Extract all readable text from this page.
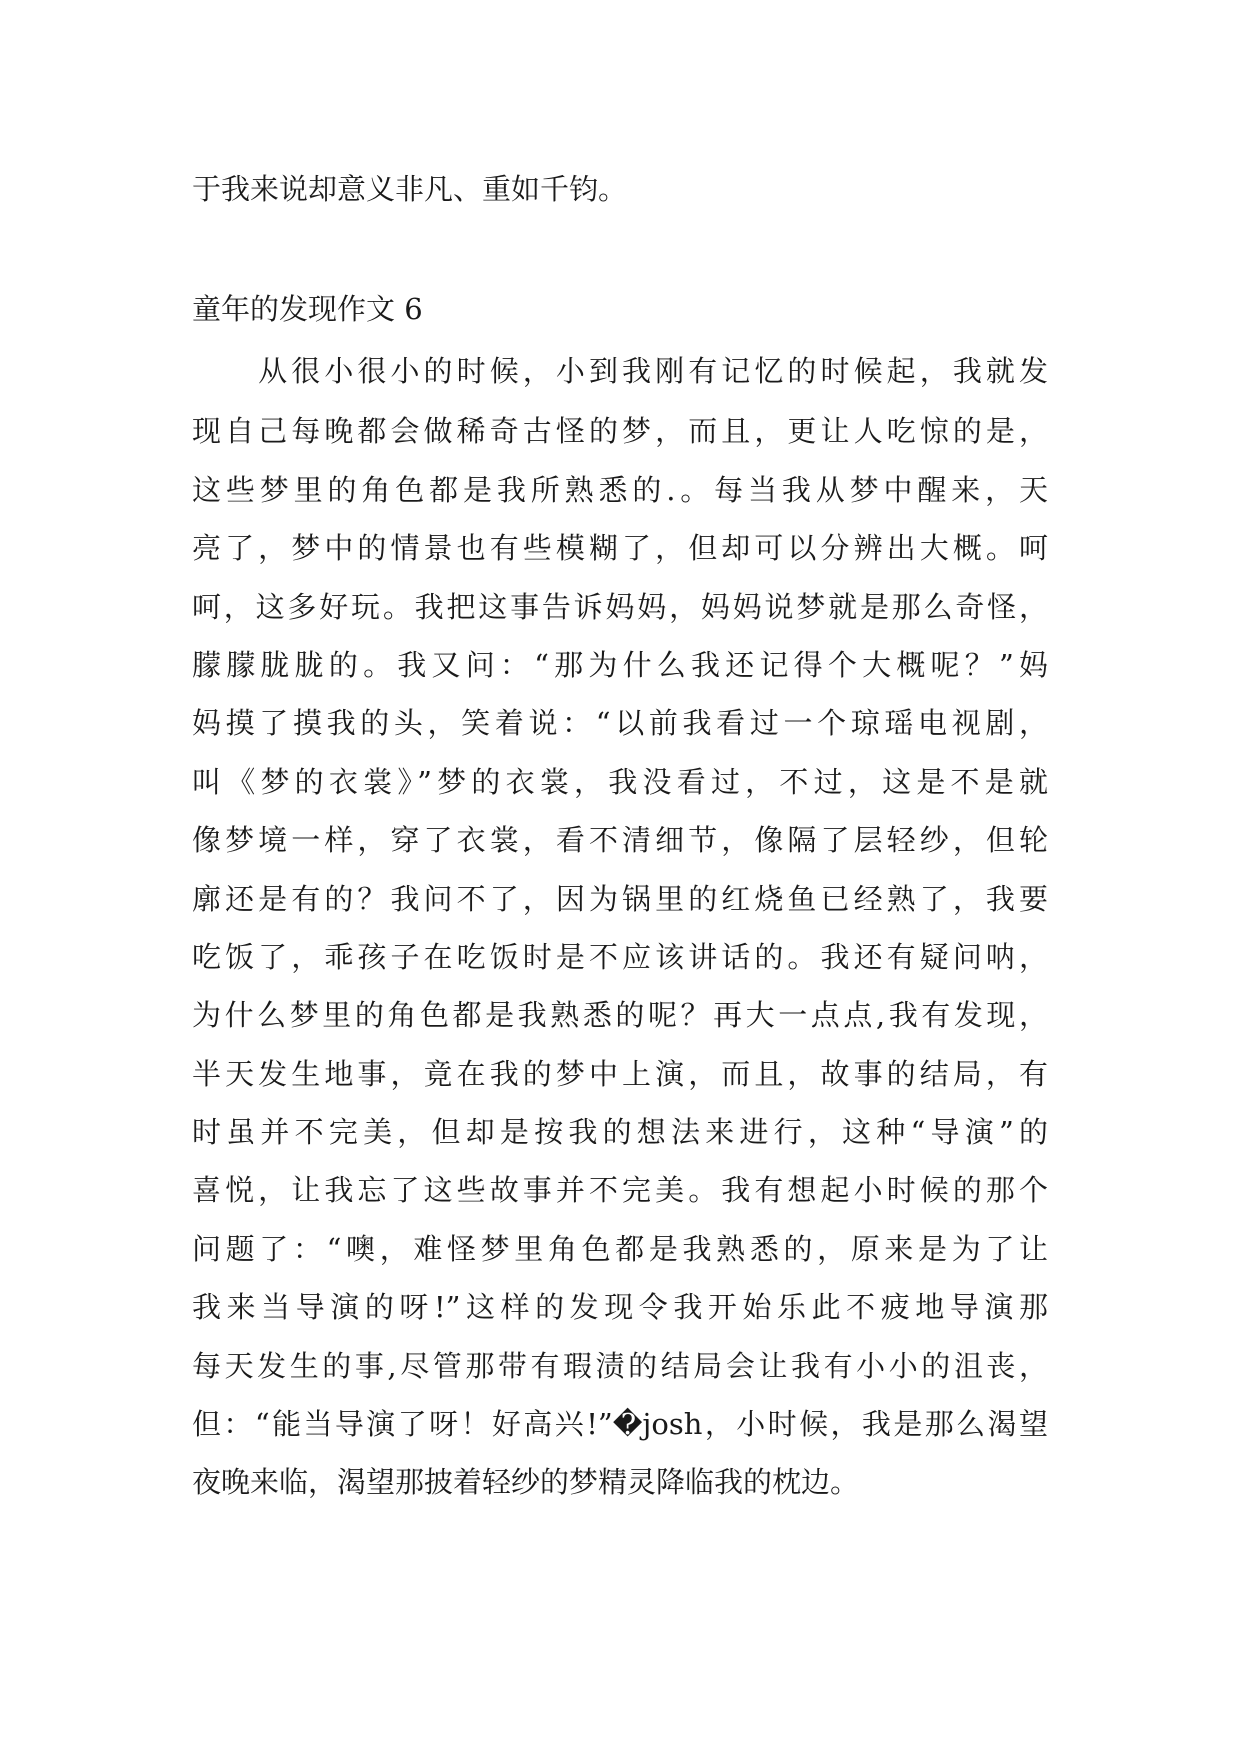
于我来说却意义非凡、重如千钧。
童年的发现作文 6
　　从很小很小的时候，小到我刚有记忆的时候起，我就发
现自己每晚都会做稀奇古怪的梦，而且，更让人吃惊的是，
这些梦里的角色都是我所熟悉的.。每当我从梦中醒来，天
亮了，梦中的情景也有些模糊了，但却可以分辨出大概。呵
呵，这多好玩。我把这事告诉妈妈，妈妈说梦就是那么奇怪，
朦朦胧胧的。我又问：“那为什么我还记得个大概呢？”妈
妈摸了摸我的头，笑着说：“以前我看过一个琼瑶电视剧，
叫《梦的衣裳》”梦的衣裳，我没看过，不过，这是不是就
像梦境一样，穿了衣裳，看不清细节，像隔了层轻纱，但轮
廓还是有的？我问不了，因为锅里的红烧鱼已经熟了，我要
吃饭了，乖孩子在吃饭时是不应该讲话的。我还有疑问呐，
为什么梦里的角色都是我熟悉的呢？再大一点点,我有发现，
半天发生地事，竟在我的梦中上演，而且，故事的结局，有
时虽并不完美，但却是按我的想法来进行，这种“导演”的
喜悦，让我忘了这些故事并不完美。我有想起小时候的那个
问题了：“噢，难怪梦里角色都是我熟悉的，原来是为了让
我来当导演的呀!”这样的发现令我开始乐此不疲地导演那
每天发生的事,尽管那带有瑕渍的结局会让我有小小的沮丧，
但：“能当导演了呀！好高兴!”�josh，小时候，我是那么渴望
夜晚来临，渴望那披着轻纱的梦精灵降临我的枕边。
